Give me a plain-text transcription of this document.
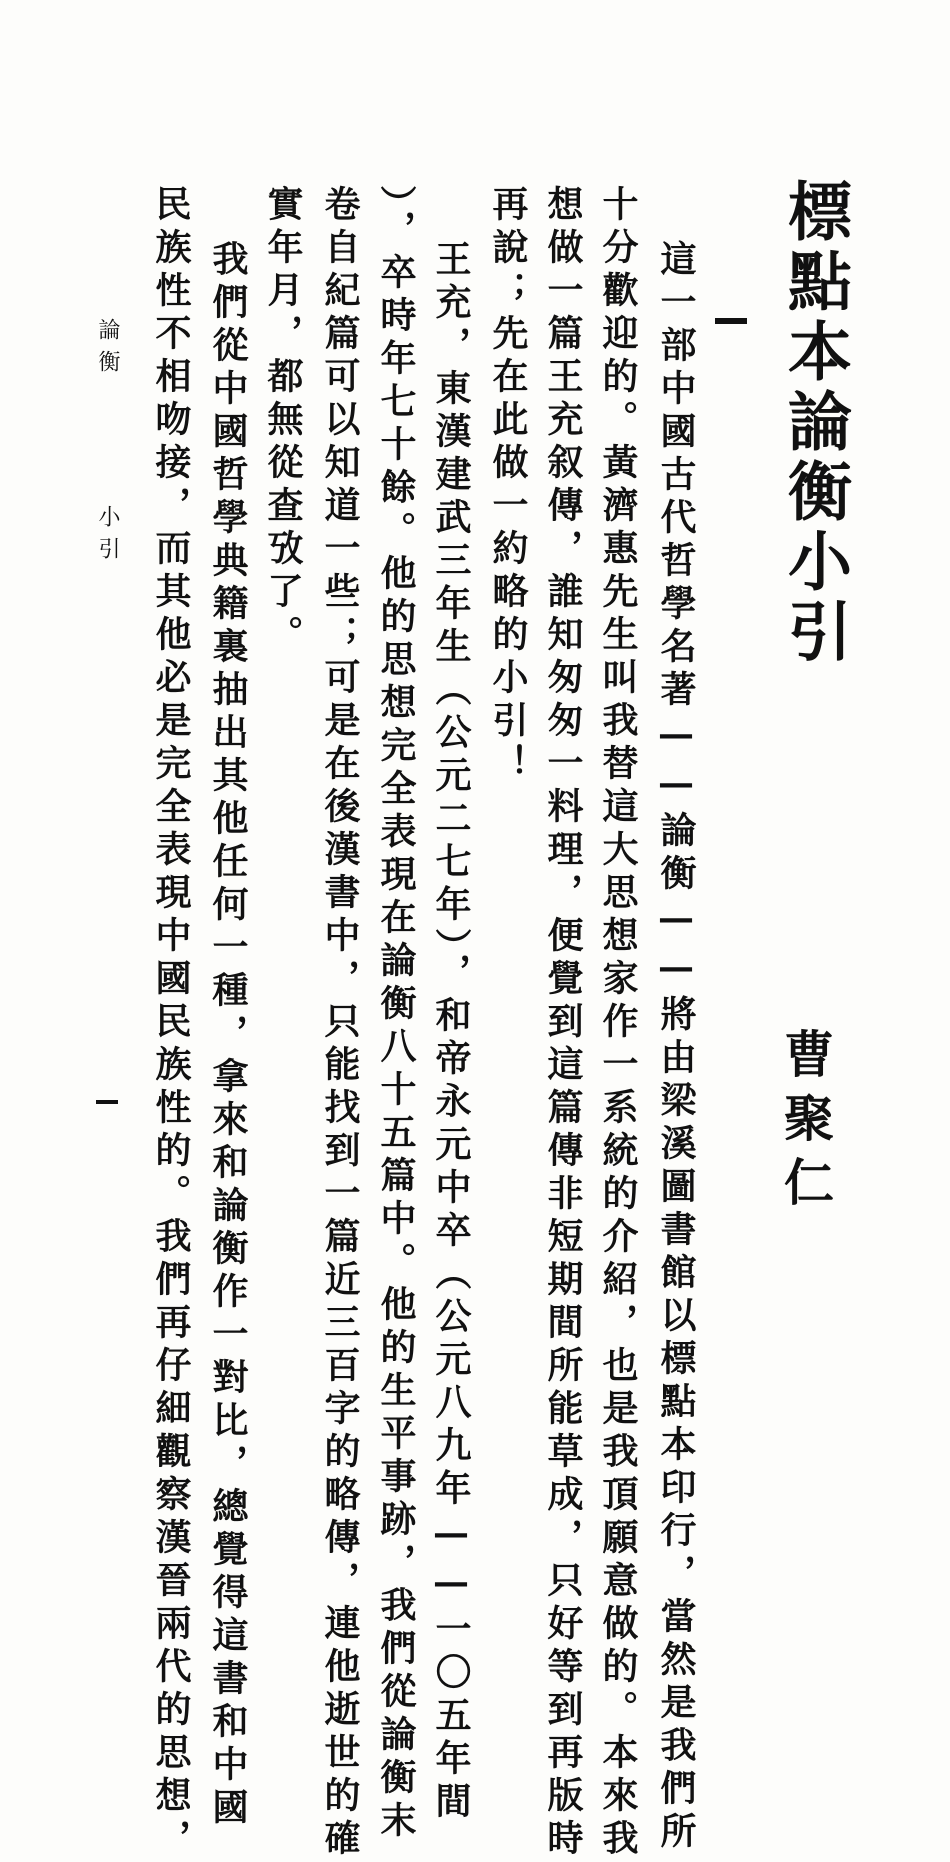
標點本論衡小引
曹聚仁
這一部中國古代哲學名著——論衡——將由梁溪圖書館以標點本印行，當然是我們所
十分歡迎的。黃濟惠先生叫我替這大思想家作一系統的介紹，也是我頂願意做的。本來我
想做一篇王充叙傳，誰知匆匆一料理，便覺到這篇傳非短期間所能草成，只好等到再版時
再說；先在此做一約略的小引！
王充，東漢建武三年生（公元二七年），和帝永元中卒（公元八九年——一〇五年間
），卒時年七十餘。他的思想完全表現在論衡八十五篇中。他的生平事跡，我們從論衡末
卷自紀篇可以知道一些；可是在後漢書中，只能找到一篇近三百字的略傳，連他逝世的確
實年月，都無從查攷了。
我們從中國哲學典籍裏抽出其他任何一種，拿來和論衡作一對比，總覺得這書和中國
民族性不相吻接，而其他必是完全表現中國民族性的。我們再仔細觀察漢晉兩代的思想，
論衡
小引
